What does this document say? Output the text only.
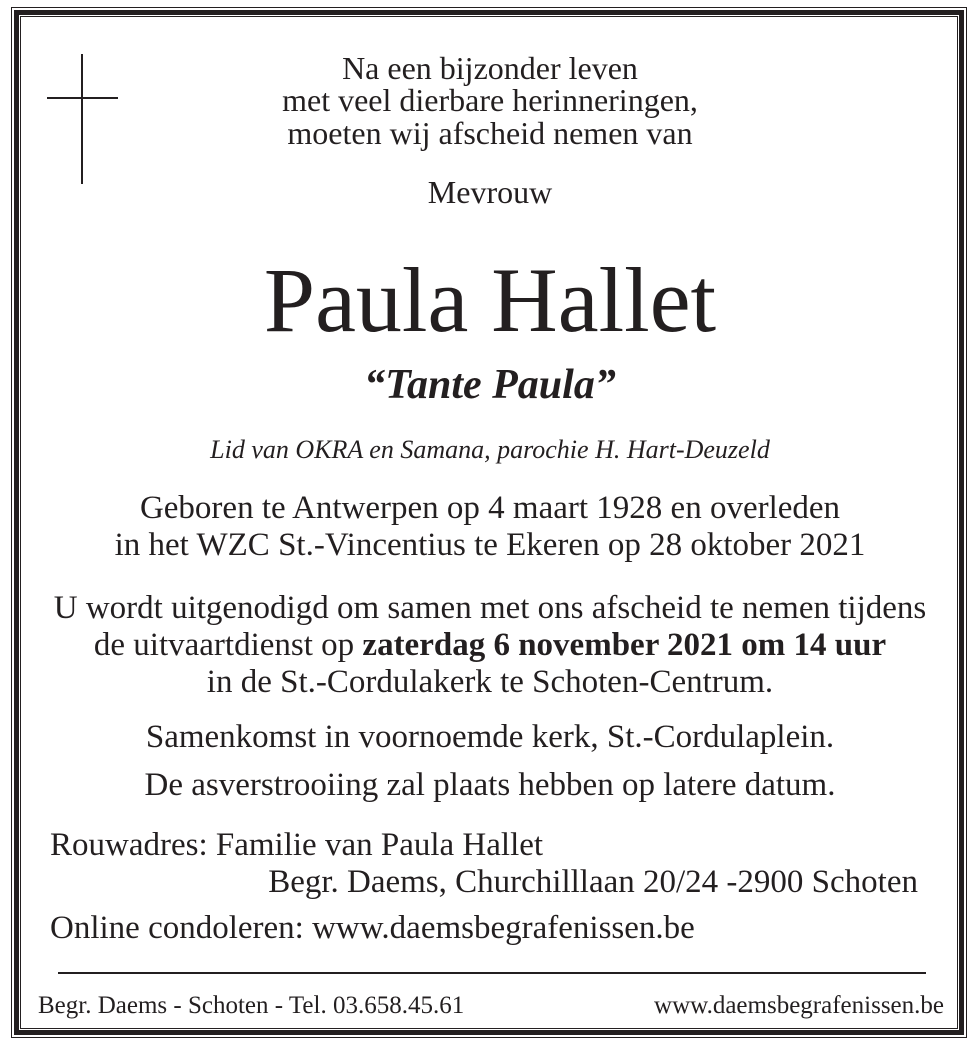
Na een bijzonder leven
met veel dierbare herinneringen,
moeten wij afscheid nemen van
Mevrouw
Paula Hallet
“Tante Paula”
Lid van OKRA en Samana, parochie H. Hart-Deuzeld
Geboren te Antwerpen op 4 maart 1928 en overleden
in het WZC St.-Vincentius te Ekeren op 28 oktober 2021
U wordt uitgenodigd om samen met ons afscheid te nemen tijdens
de uitvaartdienst op zaterdag 6 november 2021 om 14 uur
in de St.-Cordulakerk te Schoten-Centrum.
Samenkomst in voornoemde kerk, St.-Cordulaplein.
De asverstrooiing zal plaats hebben op latere datum.
Rouwadres: Familie van Paula Hallet
Begr. Daems, Churchilllaan 20/24 -2900 Schoten
Online condoleren: www.daemsbegrafenissen.be
Begr. Daems - Schoten - Tel. 03.658.45.61	www.daemsbegrafenissen.be
